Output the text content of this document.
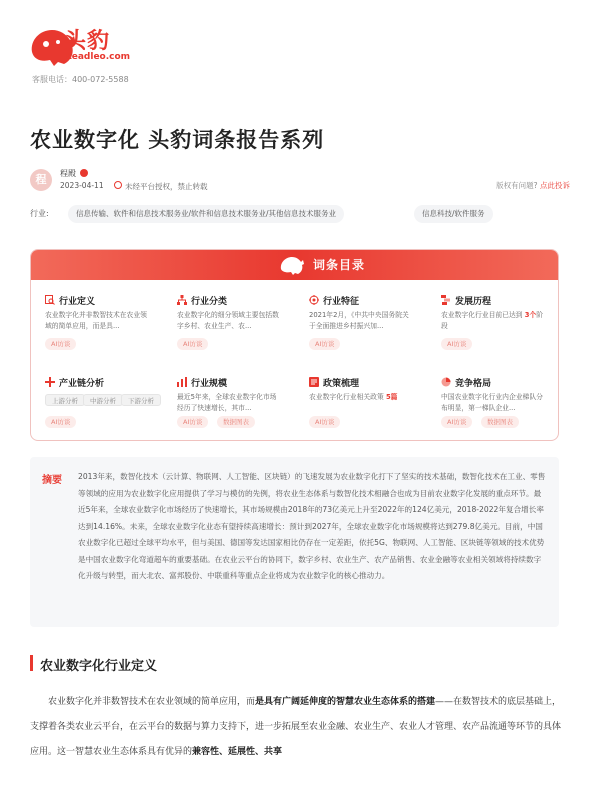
头豹
Leadleo.com
客服电话：400-072-5588
农业数字化 头豹词条报告系列
程	程殿
2023-04-11	未经平台授权，禁止转载	版权有问题? 点此投诉
行业:	信息传输、软件和信息技术服务业/软件和信息技术服务业/其他信息技术服务业	信息科技/软件服务
词条目录
行业定义
农业数字化并非数智技术在农业领域的简单应用，而是具...
AI访谈
行业分类
农业数字化的细分领域主要包括数字乡村、农业生产、农...
AI访谈
行业特征
2021年2月，《中共中央国务院关于全面推进乡村振兴加...
AI访谈
发展历程
农业数字化行业目前已达到 3个阶段
AI访谈
产业链分析
上游分析	中游分析	下游分析
AI访谈
行业规模
最近5年来，全球农业数字化市场经历了快速增长，其市...
AI访谈	数据图表
政策梳理
农业数字化行业相关政策 5篇
AI访谈
竞争格局
中国农业数字化行业内企业梯队分布明显，第一梯队企业...
AI访谈	数据图表
摘要 2013年来，数智化技术（云计算、物联网、人工智能、区块链）的飞速发展为农业数字化打下了坚实的技术基础，数智化技术在工业、零售等领域的应用为农业数字化应用提供了学习与模仿的先例，将农业生态体系与数智化技术相融合也成为目前农业数字化发展的重点环节。最近5年来，全球农业数字化市场经历了快速增长，其市场规模由2018年的73亿美元上升至2022年的124亿美元，2018-2022年复合增长率达到14.16%。未来，全球农业数字化业态有望持续高速增长：预计到2027年，全球农业数字化市场规模将达到279.8亿美元。目前，中国农业数字化已超过全球平均水平，但与美国、德国等发达国家相比仍存在一定差距，依托5G、物联网、人工智能、区块链等领域的技术优势是中国农业数字化弯道超车的重要基础。在农业云平台的协同下，数字乡村、农业生产、农产品销售、农业金融等农业相关领域将持续数字化升级与转型，而大北农、富邦股份、中联重科等重点企业将成为农业数字化的核心推动力。
农业数字化行业定义
农业数字化并非数智技术在农业领域的简单应用，而是具有广阔延伸度的智慧农业生态体系的搭建——在数智技术的底层基础上，支撑着各类农业云平台，在云平台的数据与算力支持下，进一步拓展至农业金融、农业生产、农业人才管理、农产品流通等环节的具体应用。这一智慧农业生态体系具有优异的兼容性、延展性、共享
